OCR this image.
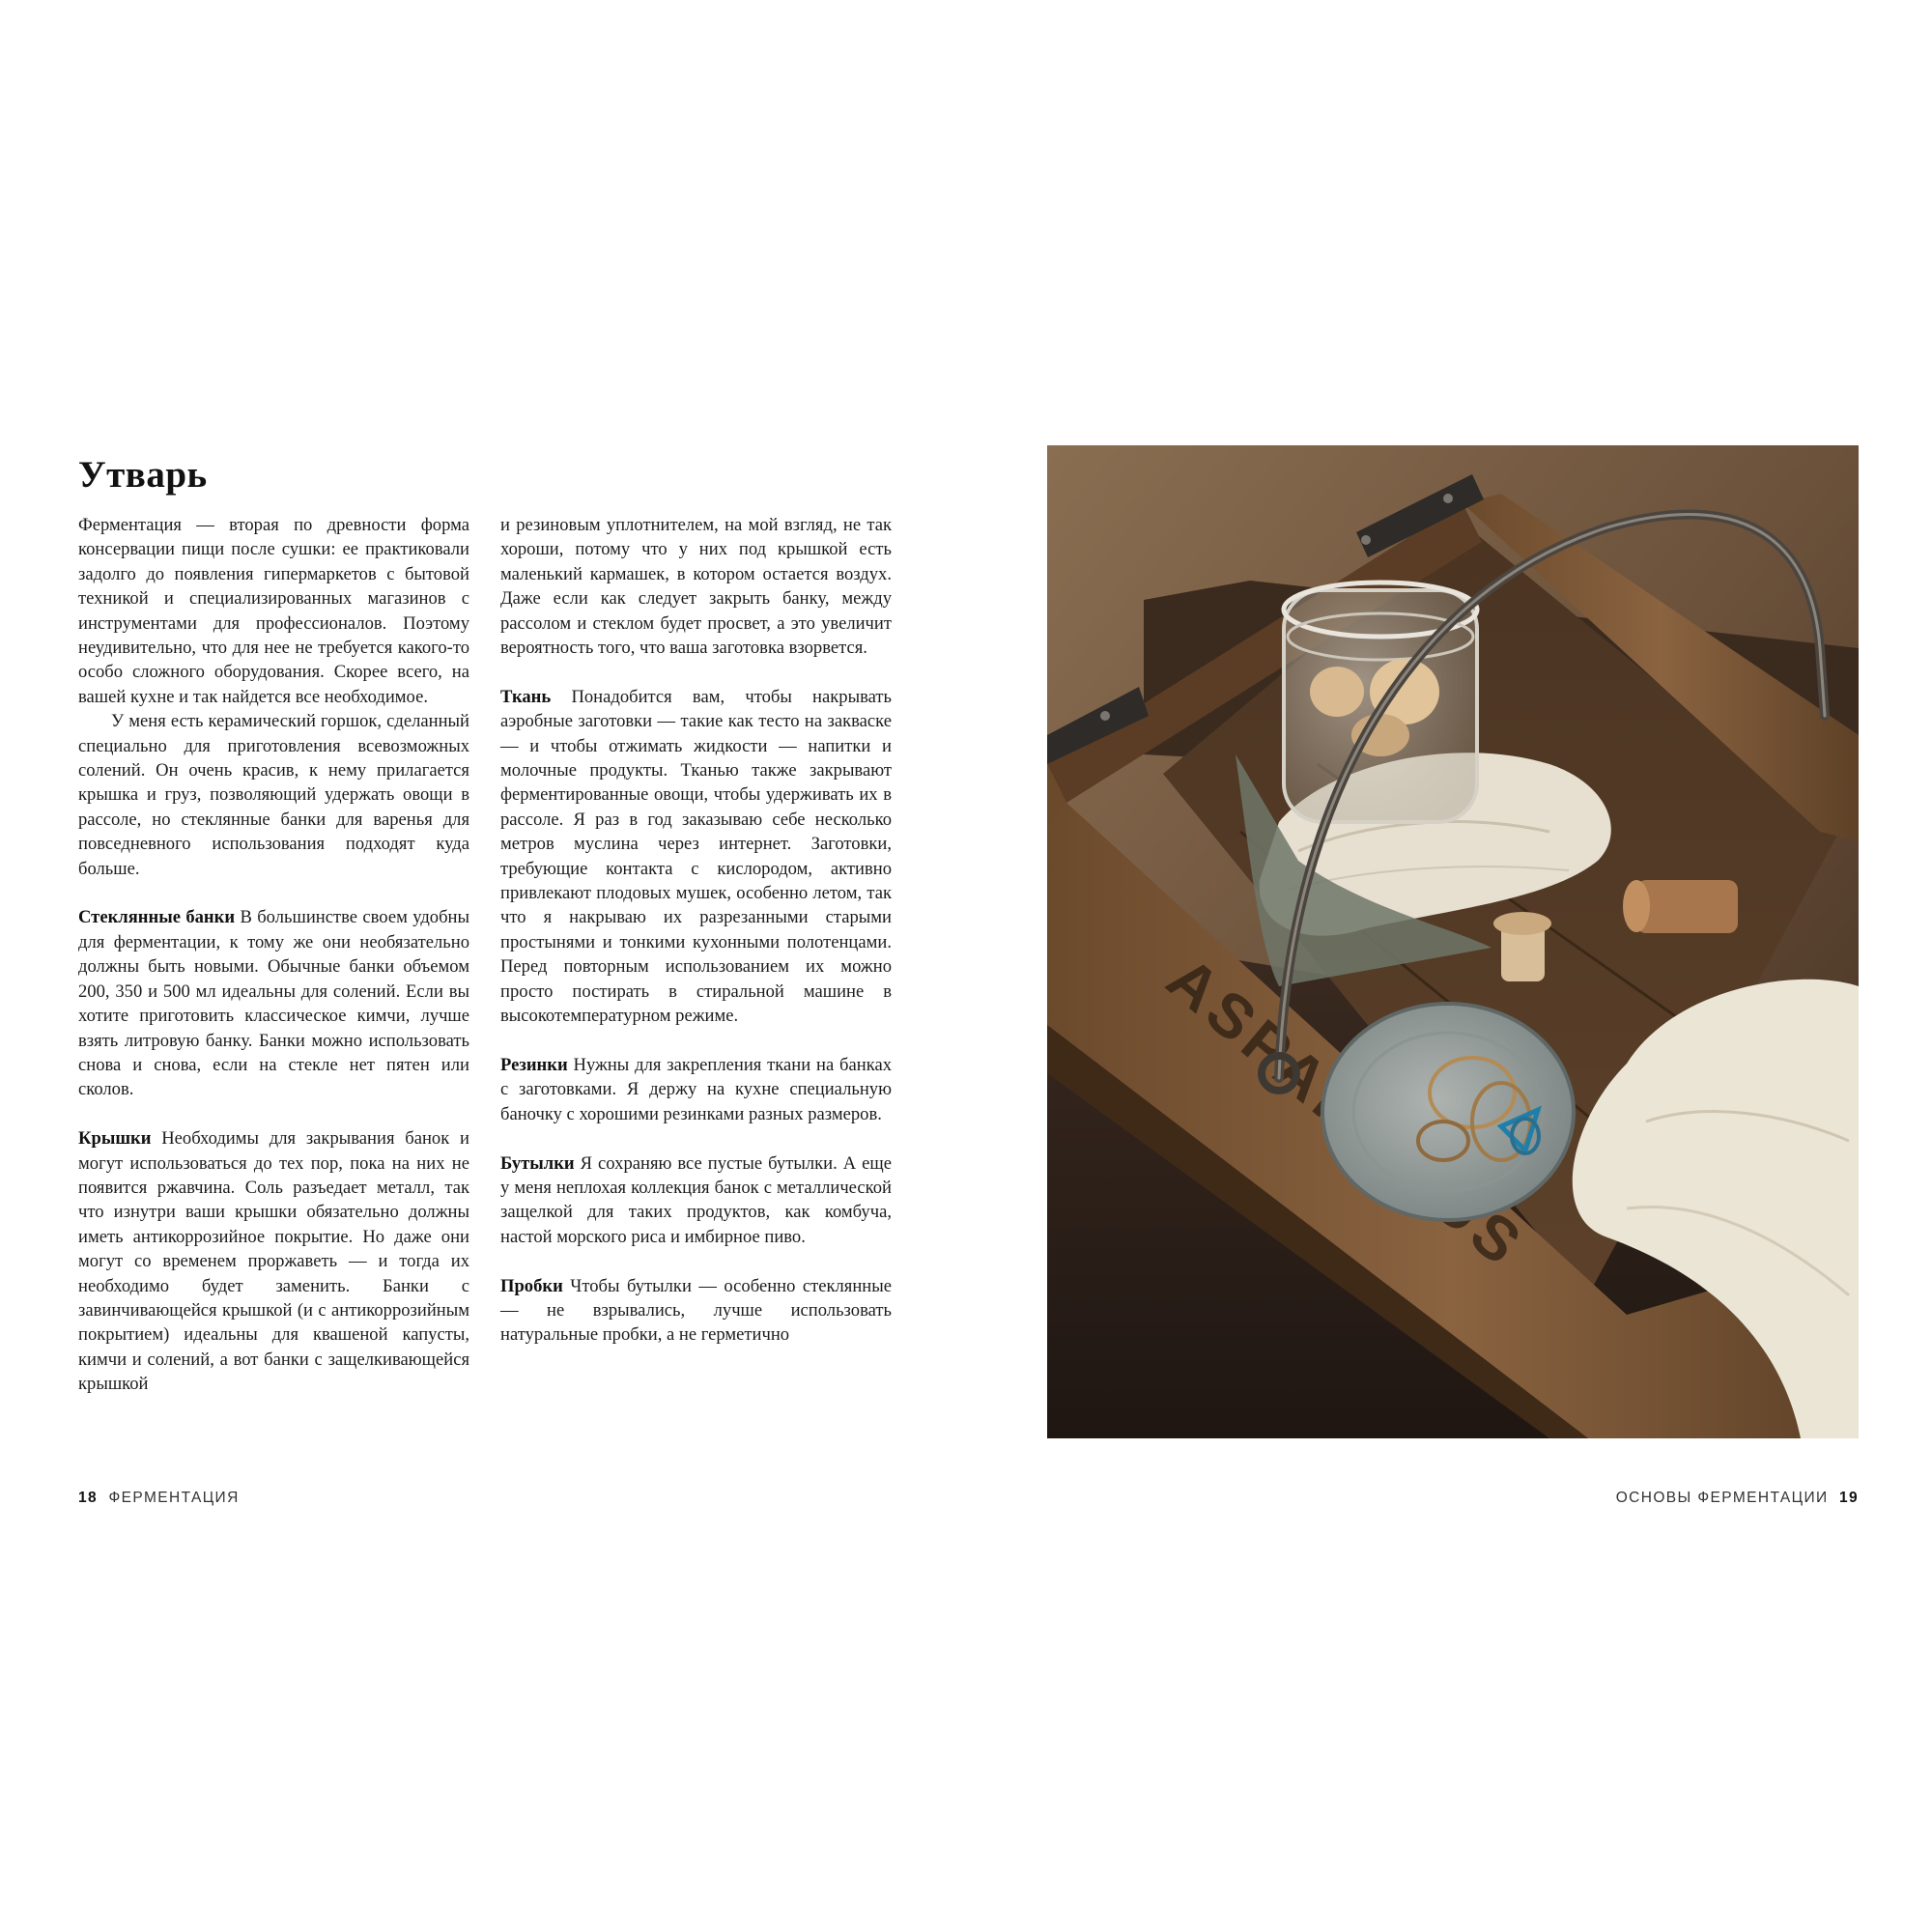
Утварь

Ферментация — вторая по древности форма консервации пищи после сушки: ее практиковали задолго до появления гипермаркетов с бытовой техникой и специализированных магазинов с инструментами для профессионалов. Поэтому неудивительно, что для нее не требуется какого-то особо сложного оборудования. Скорее всего, на вашей кухне и так найдется все необходимое.

У меня есть керамический горшок, сделанный специально для приготовления всевозможных солений. Он очень красив, к нему прилагается крышка и груз, позволяющий удержать овощи в рассоле, но стеклянные банки для варенья для повседневного использования подходят куда больше.

Стеклянные банки В большинстве своем удобны для ферментации, к тому же они необязательно должны быть новыми. Обычные банки объемом 200, 350 и 500 мл идеальны для солений. Если вы хотите приготовить классическое кимчи, лучше взять литровую банку. Банки можно использовать снова и снова, если на стекле нет пятен или сколов.

Крышки Необходимы для закрывания банок и могут использоваться до тех пор, пока на них не появится ржавчина. Соль разъедает металл, так что изнутри ваши крышки обязательно должны иметь антикоррозийное покрытие. Но даже они могут со временем проржаветь — и тогда их необходимо будет заменить. Банки с завинчивающейся крышкой (и с антикоррозийным покрытием) идеальны для квашеной капусты, кимчи и солений, а вот банки с защелкивающейся крышкой

и резиновым уплотнителем, на мой взгляд, не так хороши, потому что у них под крышкой есть маленький кармашек, в котором остается воздух. Даже если как следует закрыть банку, между рассолом и стеклом будет просвет, а это увеличит вероятность того, что ваша заготовка взорвется.

Ткань Понадобится вам, чтобы накрывать аэробные заготовки — такие как тесто на закваске — и чтобы отжимать жидкости — напитки и молочные продукты. Тканью также закрывают ферментированные овощи, чтобы удерживать их в рассоле. Я раз в год заказываю себе несколько метров муслина через интернет. Заготовки, требующие контакта с кислородом, активно привлекают плодовых мушек, особенно летом, так что я накрываю их разрезанными старыми простынями и тонкими кухонными полотенцами. Перед повторным использованием их можно просто постирать в стиральной машине в высокотемпературном режиме.

Резинки Нужны для закрепления ткани на банках с заготовками. Я держу на кухне специальную баночку с хорошими резинками разных размеров.

Бутылки Я сохраняю все пустые бутылки. А еще у меня неплохая коллекция банок с металлической защелкой для таких продуктов, как комбуча, настой морского риса и имбирное пиво.

Пробки Чтобы бутылки — особенно стеклянные — не взрывались, лучше использовать натуральные пробки, а не герметично

18 ФЕРМЕНТАЦИЯ	ОСНОВЫ ФЕРМЕНТАЦИИ 19
